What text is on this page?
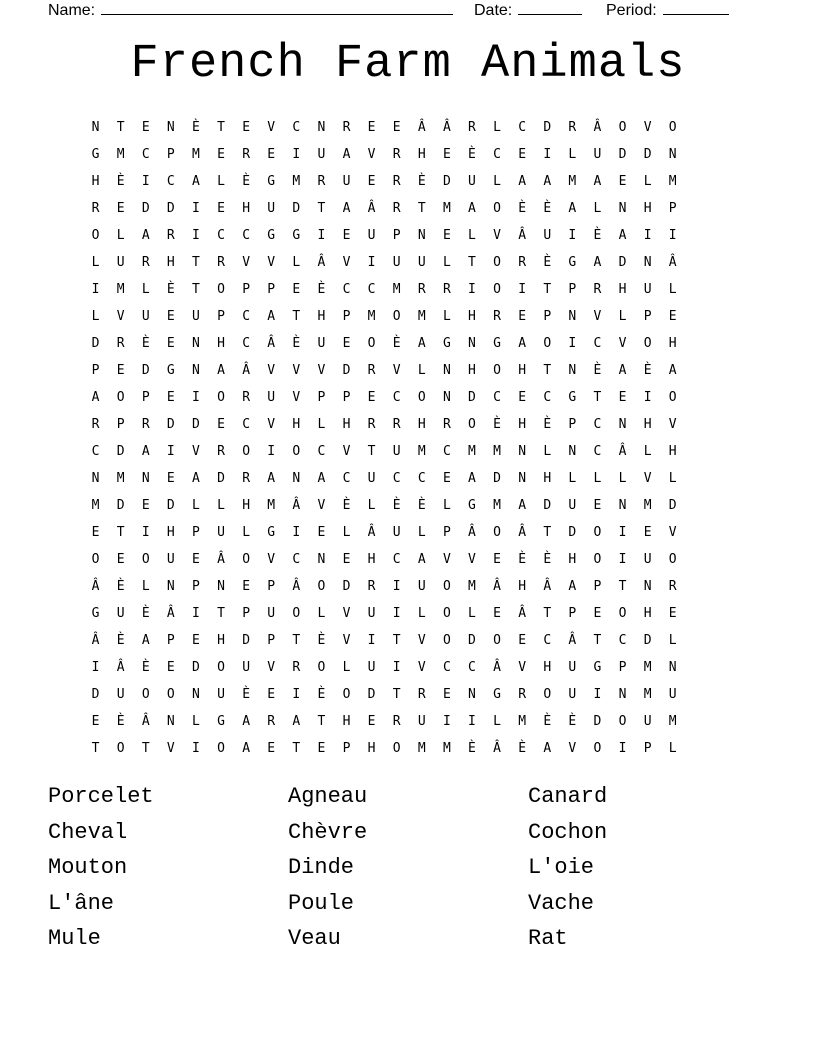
Name:	Date:	Period:
French Farm Animals
N	T	E	N	È	T	E	V	C	N	R	E	E	Â	Â	R	L	C	D	R	Â	O	V	O
G	M	C	P	M	E	R	E	I	U	A	V	R	H	E	È	C	E	I	L	U	D	D	N
H	È	I	C	A	L	È	G	M	R	U	E	R	È	D	U	L	A	A	M	A	E	L	M
R	E	D	D	I	E	H	U	D	T	A	Â	R	T	M	A	O	È	È	A	L	N	H	P
O	L	A	R	I	C	C	G	G	I	E	U	P	N	E	L	V	Â	U	I	È	A	I	I
L	U	R	H	T	R	V	V	L	Â	V	I	U	U	L	T	O	R	È	G	A	D	N	Â
I	M	L	È	T	O	P	P	E	È	C	C	M	R	R	I	O	I	T	P	R	H	U	L
L	V	U	E	U	P	C	A	T	H	P	M	O	M	L	H	R	E	P	N	V	L	P	E
D	R	È	E	N	H	C	Â	È	U	E	O	È	A	G	N	G	A	O	I	C	V	O	H
P	E	D	G	N	A	Â	V	V	V	D	R	V	L	N	H	O	H	T	N	È	A	È	A
A	O	P	E	I	O	R	U	V	P	P	E	C	O	N	D	C	E	C	G	T	E	I	O
R	P	R	D	D	E	C	V	H	L	H	R	R	H	R	O	È	H	È	P	C	N	H	V
C	D	A	I	V	R	O	I	O	C	V	T	U	M	C	M	M	N	L	N	C	Â	L	H
N	M	N	E	A	D	R	A	N	A	C	U	C	C	E	A	D	N	H	L	L	L	V	L
M	D	E	D	L	L	H	M	Â	V	È	L	È	È	L	G	M	A	D	U	E	N	M	D
E	T	I	H	P	U	L	G	I	E	L	Â	U	L	P	Â	O	Â	T	D	O	I	E	V
O	E	O	U	E	Â	O	V	C	N	E	H	C	A	V	V	E	È	È	H	O	I	U	O
Â	È	L	N	P	N	E	P	Â	O	D	R	I	U	O	M	Â	H	Â	A	P	T	N	R
G	U	È	Â	I	T	P	U	O	L	V	U	I	L	O	L	E	Â	T	P	E	O	H	E
Â	È	A	P	E	H	D	P	T	È	V	I	T	V	O	D	O	E	C	Â	T	C	D	L
I	Â	È	E	D	O	U	V	R	O	L	U	I	V	C	C	Â	V	H	U	G	P	M	N
D	U	O	O	N	U	È	E	I	È	O	D	T	R	E	N	G	R	O	U	I	N	M	U
E	È	Â	N	L	G	A	R	A	T	H	E	R	U	I	I	L	M	È	È	D	O	U	M
T	O	T	V	I	O	A	E	T	E	P	H	O	M	M	È	Â	È	A	V	O	I	P	L
Porcelet	Agneau	Canard
Cheval	Chèvre	Cochon
Mouton	Dinde	L'oie
L'âne	Poule	Vache
Mule	Veau	Rat
